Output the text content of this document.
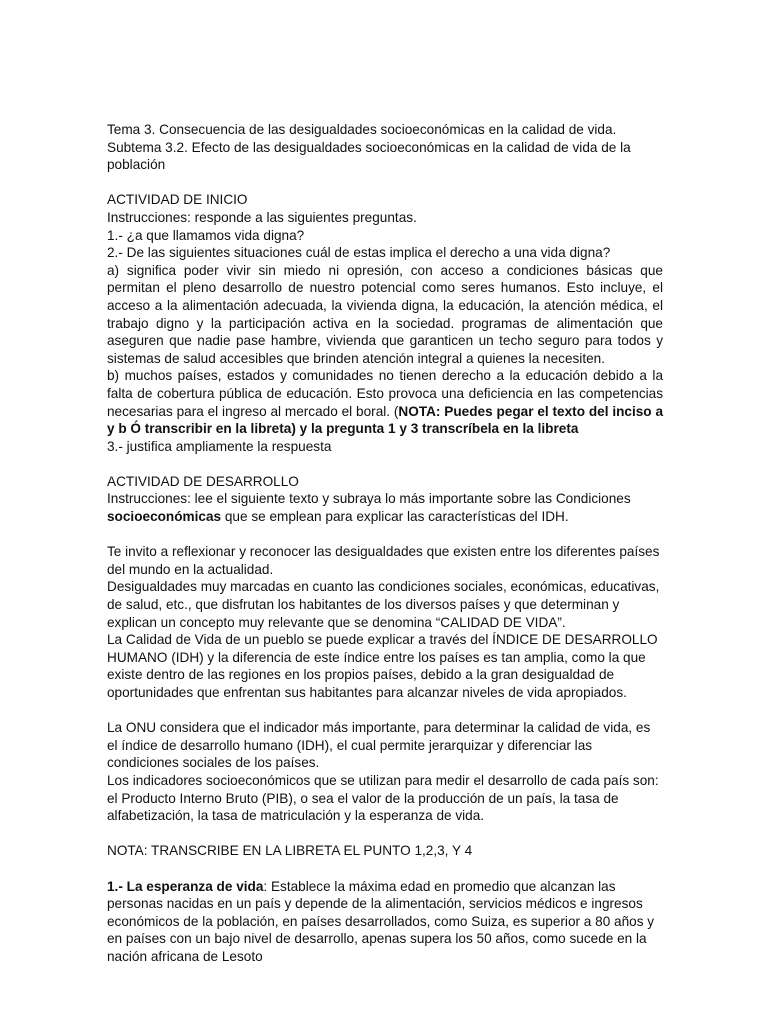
Tema 3. Consecuencia de las desigualdades socioeconómicas en la calidad de vida.

Subtema 3.2. Efecto de las desigualdades socioeconómicas en la calidad de vida de la población

ACTIVIDAD DE INICIO

Instrucciones: responde a las siguientes preguntas.

1.- ¿a que llamamos vida digna?

2.- De las siguientes situaciones cuál de estas implica el derecho a una vida digna?

a) significa poder vivir sin miedo ni opresión, con acceso a condiciones básicas que permitan el pleno desarrollo de nuestro potencial como seres humanos. Esto incluye, el acceso a la alimentación adecuada, la vivienda digna, la educación, la atención médica, el trabajo digno y la participación activa en la sociedad. programas de alimentación que aseguren que nadie pase hambre, vivienda que garanticen un techo seguro para todos y sistemas de salud accesibles que brinden atención integral a quienes la necesiten.

b) muchos países, estados y comunidades no tienen derecho a la educación debido a la falta de cobertura pública de educación. Esto provoca una deficiencia en las competencias necesarias para el ingreso al mercado el boral. (NOTA: Puedes pegar el texto del inciso a y b Ó transcribir en la libreta) y la pregunta 1 y 3 transcríbela en la libreta

3.- justifica ampliamente la respuesta

ACTIVIDAD DE DESARROLLO

Instrucciones: lee el siguiente texto y subraya lo más importante sobre las Condiciones socioeconómicas que se emplean para explicar las características del IDH.

Te invito a reflexionar y reconocer las desigualdades que existen entre los diferentes países del mundo en la actualidad.

Desigualdades muy marcadas en cuanto las condiciones sociales, económicas, educativas, de salud, etc., que disfrutan los habitantes de los diversos países y que determinan y explican un concepto muy relevante que se denomina “CALIDAD DE VIDA”.

La Calidad de Vida de un pueblo se puede explicar a través del ÍNDICE DE DESARROLLO HUMANO (IDH) y la diferencia de este índice entre los países es tan amplia, como la que existe dentro de las regiones en los propios países, debido a la gran desigualdad de oportunidades que enfrentan sus habitantes para alcanzar niveles de vida apropiados.

La ONU considera que el indicador más importante, para determinar la calidad de vida, es el índice de desarrollo humano (IDH), el cual permite jerarquizar y diferenciar las condiciones sociales de los países.

Los indicadores socioeconómicos que se utilizan para medir el desarrollo de cada país son: el Producto Interno Bruto (PIB), o sea el valor de la producción de un país, la tasa de alfabetización, la tasa de matriculación y la esperanza de vida.

NOTA: TRANSCRIBE EN LA LIBRETA EL PUNTO 1,2,3, Y 4

1.- La esperanza de vida: Establece la máxima edad en promedio que alcanzan las personas nacidas en un país y depende de la alimentación, servicios médicos e ingresos económicos de la población, en países desarrollados, como Suiza, es superior a 80 años y en países con un bajo nivel de desarrollo, apenas supera los 50 años, como sucede en la nación africana de Lesoto
